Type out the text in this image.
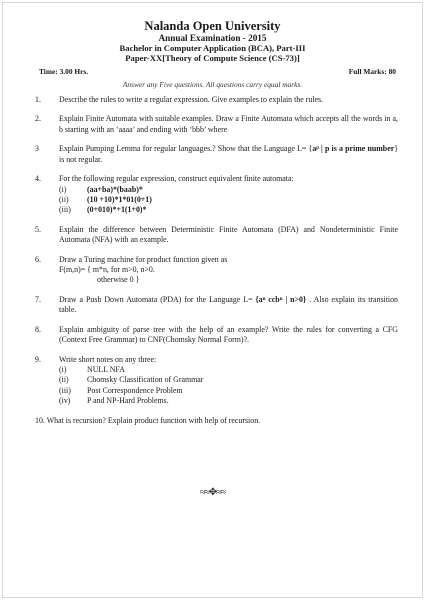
Nalanda Open University
Annual Examination - 2015
Bachelor in Computer Application (BCA), Part-III
Paper-XX[Theory of Compute Science (CS-73)]
Time: 3.00 Hrs.	Full Marks: 80
Answer any Five questions. All questions carry equal marks.
1. Describe the rules to write a regular expression. Give examples to explain the rules.
2. Explain Finite Automata with suitable examples. Draw a Finite Automata which accepts all the words in a, b starting with an ‘aaaa’ and ending with ‘bbb’ where
3	Explain Pumping Lemma for regular languages.? Show that the Language L= {aᵖ | p is a prime number} is not regular.
4. For the following regular expression, construct equivalent finite automata:
(i)	(aa+ba)*(baab)*
(ii)	(10 +10)*1*01(0+1)
(iii)	(0+010)*+1(1+0)*
5. Explain the difference between Deterministic Finite Automata (DFA) and Nondeterministic Finite Automata (NFA) with an example.
6. Draw a Turing machine for product function given as
F(m,n)= { m*n, for m>0, n>0.
otherwise 0 }
7. Draw a Push Down Automata (PDA) for the Language L= {aⁿ ccbⁿ | n>0} . Also explain its transition table.
8. Explain ambiguity of parse tree with the help of an example? Write the rules for converting a CFG (Context Free Grammar) to CNF(Chomsky Normal Form)?.
9. Write short notes on any three:
(i)	NULL NFA
(ii)	Chomsky Classification of Grammar
(iii)	Post Correspondence Problem
(iv)	P and NP-Hard Problems.
10. What is recursion? Explain product function with help of recursion.
≈≈✥≈≈
